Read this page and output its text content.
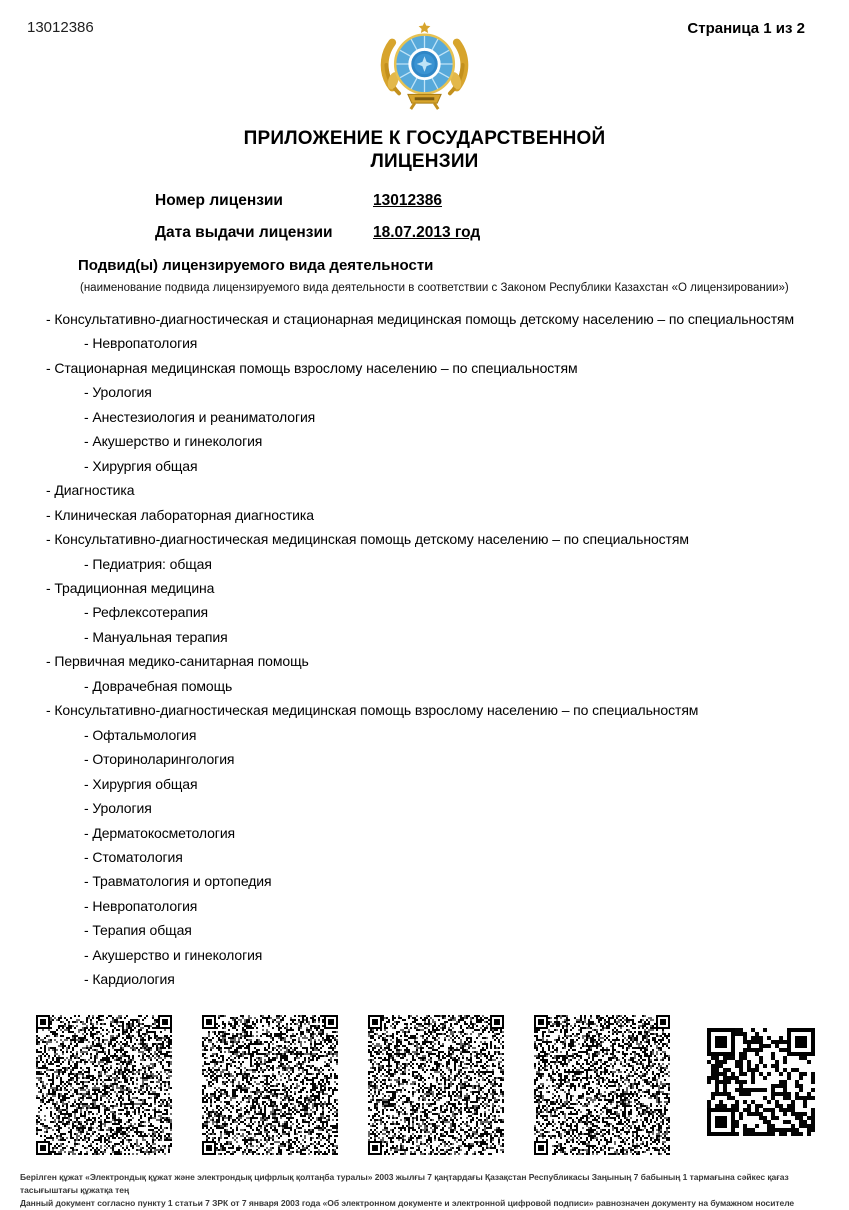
13012386	Страница 1 из 2
ПРИЛОЖЕНИЕ К ГОСУДАРСТВЕННОЙ
ЛИЦЕНЗИИ
Номер лицензии	13012386
Дата выдачи лицензии	18.07.2013 год
Подвид(ы) лицензируемого вида деятельности
(наименование подвида лицензируемого вида деятельности в соответствии с Законом Республики Казахстан «О лицензировании»)
- Консультативно-диагностическая и стационарная медицинская помощь детскому населению – по специальностям
- Невропатология
- Стационарная медицинская помощь взрослому населению – по специальностям
- Урология
- Анестезиология и реаниматология
- Акушерство и гинекология
- Хирургия общая
- Диагностика
- Клиническая лабораторная диагностика
- Консультативно-диагностическая медицинская помощь детскому населению – по специальностям
- Педиатрия: общая
- Традиционная медицина
- Рефлексотерапия
- Мануальная терапия
- Первичная медико-санитарная помощь
- Доврачебная помощь
- Консультативно-диагностическая медицинская помощь взрослому населению – по специальностям
- Офтальмология
- Оториноларингология
- Хирургия общая
- Урология
- Дерматокосметология
- Стоматология
- Травматология и ортопедия
- Невропатология
- Терапия общая
- Акушерство и гинекология
- Кардиология
Берілген құжат «Электрондық құжат және электрондық цифрлық қолтаңба туралы» 2003 жылғы 7 қаңтардағы Қазақстан Республикасы Заңының 7 бабының 1 тармағына сәйкес қағаз тасығыштағы құжатқа тең
Данный документ согласно пункту 1 статьи 7 ЗРК от 7 января 2003 года «Об электронном документе и электронной цифровой подписи» равнозначен документу на бумажном носителе
